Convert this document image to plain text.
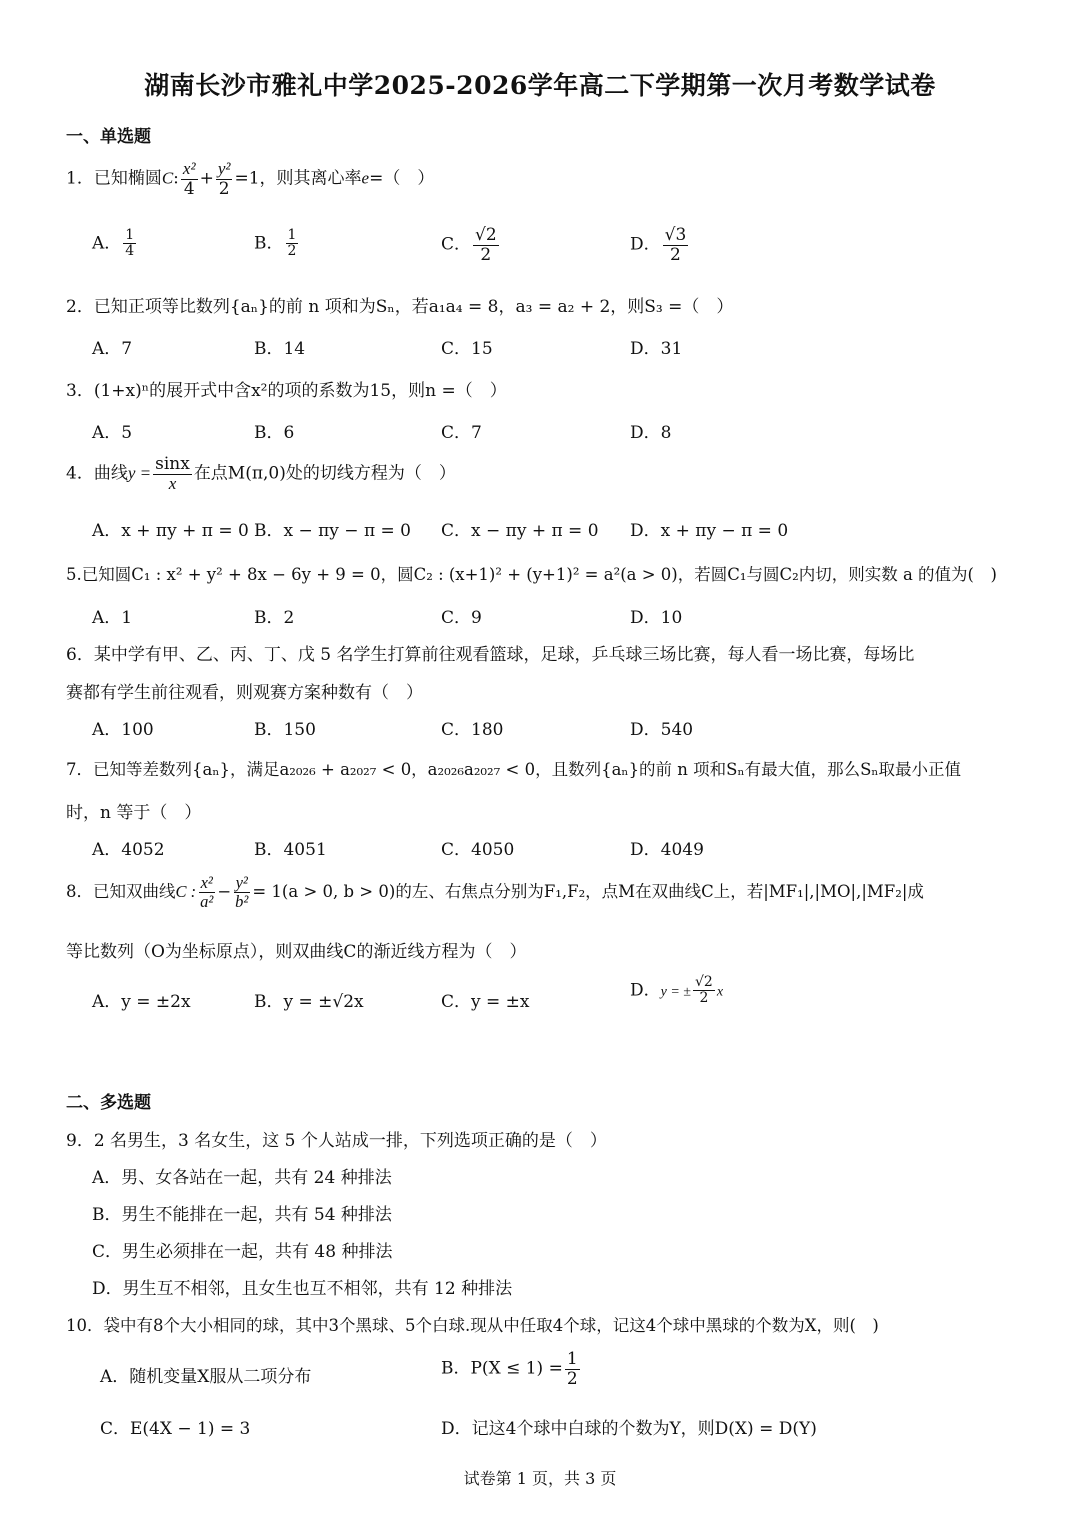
湖南长沙市雅礼中学2025-2026学年高二下学期第一次月考数学试卷
一、单选题
1．已知椭圆C: $\frac{\text{x²}}{4} + \frac{\text{y²}}{2} =1$，则其离心率e=（　）
A． $\frac{1}{4}$	B． $\frac{1}{2}$	C． $\frac{√2}{2}$	D． $\frac{√3}{2}$
2．已知正项等比数列{aₙ}的前 n 项和为Sₙ，若a₁a₄ = 8，a₃ = a₂ + 2，则S₃ =（　）
A．7	B．14	C．15	D．31
3．(1+x)ⁿ的展开式中含x²的项的系数为15，则n =（　）
A．5	B．6	C．7	D．8
4．曲线$y = \frac{\sin x}{x}$ 在点M(π,0)处的切线方程为（　）
A．x + πy + π = 0 B．x − πy − π = 0 C．x − πy + π = 0 D．x + πy − π = 0
5.已知圆C₁ : x² + y² + 8x − 6y + 9 = 0，圆C₂ : (x+1)² + (y+1)² = a²(a > 0)，若圆C₁与圆C₂内切，则实数 a 的值为(　)
A．1	B．2	C．9	D．10
6．某中学有甲、乙、丙、丁、戊 5 名学生打算前往观看篮球，足球，乒乓球三场比赛，每人看一场比赛，每场比
赛都有学生前往观看，则观赛方案种数有（　）
A．100	B．150	C．180	D．540
7．已知等差数列{aₙ}，满足a₂₀₂₆ + a₂₀₂₇ < 0，a₂₀₂₆a₂₀₂₇ < 0，且数列{aₙ}的前 n 项和Sₙ有最大值，那么Sₙ取最小正值
时，n 等于（　）
A．4052	B．4051	C．4050	D．4049
8．已知双曲线C : $\frac{\text{x²}}{\text{a²}} - \frac{\text{y²}}{\text{b²}} = 1(a > 0$, b > 0)的左、右焦点分别为F₁,F₂，点M在双曲线C上，若|MF₁|,|MO|,|MF₂|成
等比数列（O为坐标原点），则双曲线C的渐近线方程为（　）
A．y = ±2x	B．y = ±√2x	C．y = ±x
D．y = ± $\frac{√2}{2}$ x
二、多选题
9．2 名男生，3 名女生，这 5 个人站成一排，下列选项正确的是（　）
A．男、女各站在一起，共有 24 种排法
B．男生不能排在一起，共有 54 种排法
C．男生必须排在一起，共有 48 种排法
D．男生互不相邻，且女生也互不相邻，共有 12 种排法
10．袋中有8个大小相同的球，其中3个黑球、5个白球.现从中任取4个球，记这4个球中黑球的个数为X，则(　)
A．随机变量X服从二项分布	B．$P(X \le 1) = \frac{1}{2}$
C．E(4X − 1) = 3	D．记这4个球中白球的个数为Y，则D(X) = D(Y)
试卷第 1 页，共 3 页
